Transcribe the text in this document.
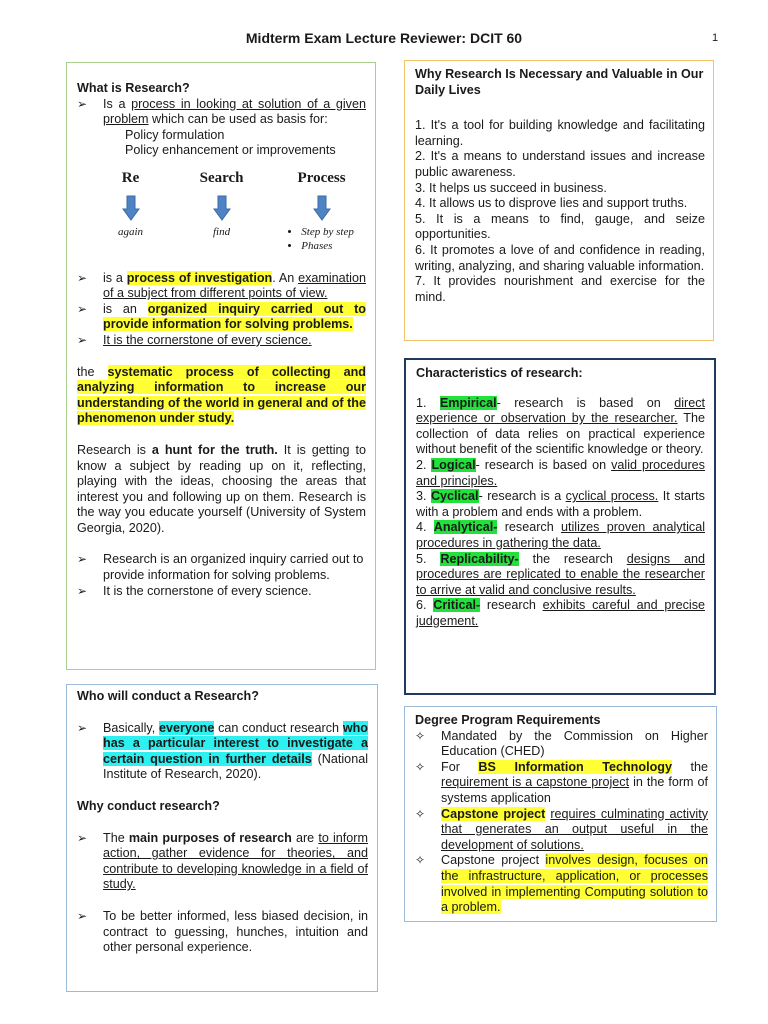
Midterm Exam Lecture Reviewer: DCIT 60	1

What is Research?

➢	Is a process in looking at solution of a given problem which can be used as basis for:
Policy formulation
Policy enhancement or improvements
Re
again
Search
find
Process
• Step by step
• Phases
➢	is a process of investigation. An examination of a subject from different points of view.
➢	is an organized inquiry carried out to provide information for solving problems.
➢	It is the cornerstone of every science.

the systematic process of collecting and analyzing information to increase our understanding of the world in general and of the phenomenon under study.

Research is a hunt for the truth. It is getting to know a subject by reading up on it, reflecting, playing with the ideas, choosing the areas that interest you and following up on them. Research is the way you educate yourself (University of System Georgia, 2020).

➢	Research is an organized inquiry carried out to provide information for solving problems.
➢	It is the cornerstone of every science.

Why Research Is Necessary and Valuable in Our Daily Lives

1. It's a tool for building knowledge and facilitating learning.

2. It's a means to understand issues and increase public awareness.

3. It helps us succeed in business.

4. It allows us to disprove lies and support truths.

5. It is a means to find, gauge, and seize opportunities.

6. It promotes a love of and confidence in reading, writing, analyzing, and sharing valuable information.

7. It provides nourishment and exercise for the mind.

Characteristics of research:

1. Empirical- research is based on direct experience or observation by the researcher. The collection of data relies on practical experience without benefit of the scientific knowledge or theory.

2. Logical- research is based on valid procedures and principles.

3. Cyclical- research is a cyclical process. It starts with a problem and ends with a problem.

4. Analytical- research utilizes proven analytical procedures in gathering the data.

5. Replicability- the research designs and procedures are replicated to enable the researcher to arrive at valid and conclusive results.

6. Critical- research exhibits careful and precise judgement.

Who will conduct a Research?

➢	Basically, everyone can conduct research who has a particular interest to investigate a certain question in further details (National Institute of Research, 2020).

Why conduct research?

➢	The main purposes of research are to inform action, gather evidence for theories, and contribute to developing knowledge in a field of study.
➢	To be better informed, less biased decision, in contract to guessing, hunches, intuition and other personal experience.

Degree Program Requirements

✧	Mandated by the Commission on Higher Education (CHED)
✧	For BS Information Technology the requirement is a capstone project in the form of systems application
✧	Capstone project requires culminating activity that generates an output useful in the development of solutions.
✧	Capstone project involves design, focuses on the infrastructure, application, or processes involved in implementing Computing solution to a problem.
